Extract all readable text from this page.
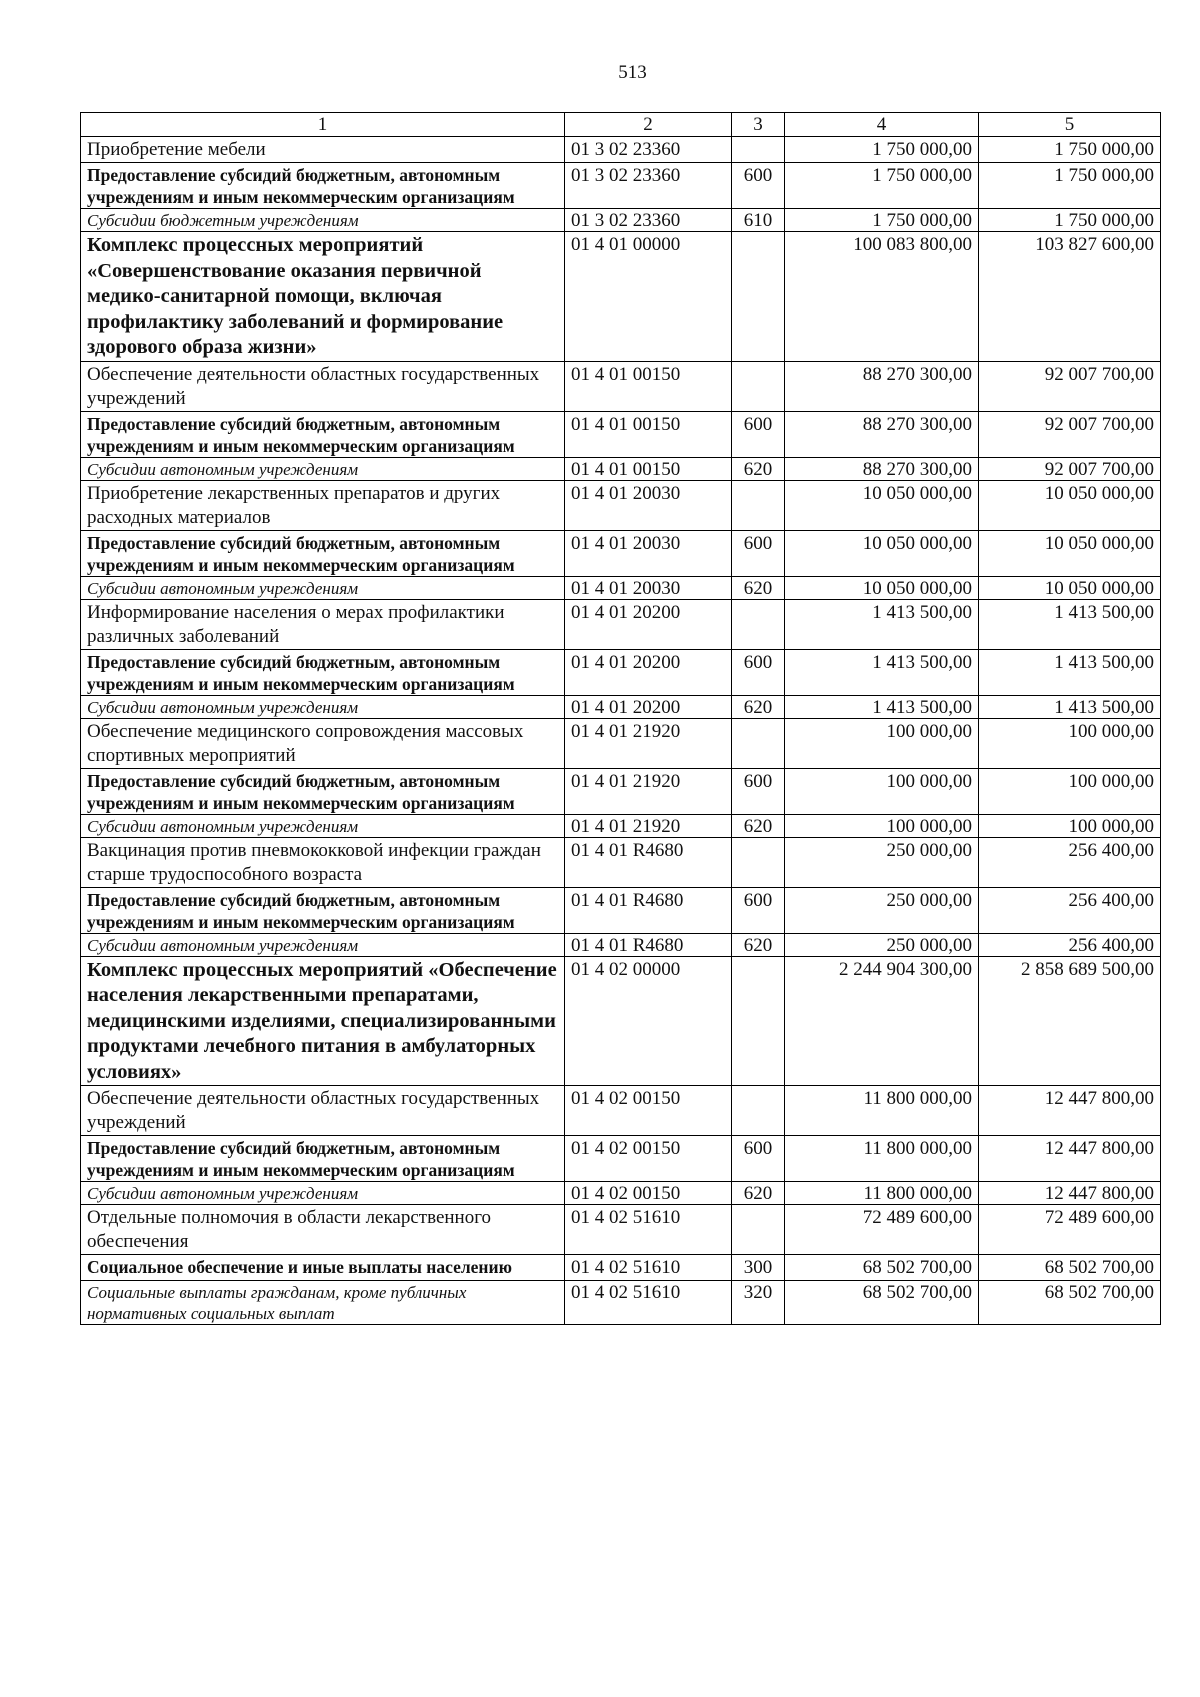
513
1	2	3	4	5
Приобретение мебели	01 3 02 23360		1 750 000,00	1 750 000,00
Предоставление субсидий бюджетным, автономным учреждениям и иным некоммерческим организациям	01 3 02 23360	600	1 750 000,00	1 750 000,00
Субсидии бюджетным учреждениям	01 3 02 23360	610	1 750 000,00	1 750 000,00
Комплекс процессных мероприятий «Совершенствование оказания первичной медико-санитарной помощи, включая профилактику заболеваний и формирование здорового образа жизни»	01 4 01 00000		100 083 800,00	103 827 600,00
Обеспечение деятельности областных государственных учреждений	01 4 01 00150		88 270 300,00	92 007 700,00
Предоставление субсидий бюджетным, автономным учреждениям и иным некоммерческим организациям	01 4 01 00150	600	88 270 300,00	92 007 700,00
Субсидии автономным учреждениям	01 4 01 00150	620	88 270 300,00	92 007 700,00
Приобретение лекарственных препаратов и других расходных материалов	01 4 01 20030		10 050 000,00	10 050 000,00
Предоставление субсидий бюджетным, автономным учреждениям и иным некоммерческим организациям	01 4 01 20030	600	10 050 000,00	10 050 000,00
Субсидии автономным учреждениям	01 4 01 20030	620	10 050 000,00	10 050 000,00
Информирование населения о мерах профилактики различных заболеваний	01 4 01 20200		1 413 500,00	1 413 500,00
Предоставление субсидий бюджетным, автономным учреждениям и иным некоммерческим организациям	01 4 01 20200	600	1 413 500,00	1 413 500,00
Субсидии автономным учреждениям	01 4 01 20200	620	1 413 500,00	1 413 500,00
Обеспечение медицинского сопровождения массовых спортивных мероприятий	01 4 01 21920		100 000,00	100 000,00
Предоставление субсидий бюджетным, автономным учреждениям и иным некоммерческим организациям	01 4 01 21920	600	100 000,00	100 000,00
Субсидии автономным учреждениям	01 4 01 21920	620	100 000,00	100 000,00
Вакцинация против пневмококковой инфекции граждан старше трудоспособного возраста	01 4 01 R4680		250 000,00	256 400,00
Предоставление субсидий бюджетным, автономным учреждениям и иным некоммерческим организациям	01 4 01 R4680	600	250 000,00	256 400,00
Субсидии автономным учреждениям	01 4 01 R4680	620	250 000,00	256 400,00
Комплекс процессных мероприятий «Обеспечение населения лекарственными препаратами, медицинскими изделиями, специализированными продуктами лечебного питания в амбулаторных условиях»	01 4 02 00000		2 244 904 300,00	2 858 689 500,00
Обеспечение деятельности областных государственных учреждений	01 4 02 00150		11 800 000,00	12 447 800,00
Предоставление субсидий бюджетным, автономным учреждениям и иным некоммерческим организациям	01 4 02 00150	600	11 800 000,00	12 447 800,00
Субсидии автономным учреждениям	01 4 02 00150	620	11 800 000,00	12 447 800,00
Отдельные полномочия в области лекарственного обеспечения	01 4 02 51610		72 489 600,00	72 489 600,00
Социальное обеспечение и иные выплаты населению	01 4 02 51610	300	68 502 700,00	68 502 700,00
Социальные выплаты гражданам, кроме публичных нормативных социальных выплат	01 4 02 51610	320	68 502 700,00	68 502 700,00
